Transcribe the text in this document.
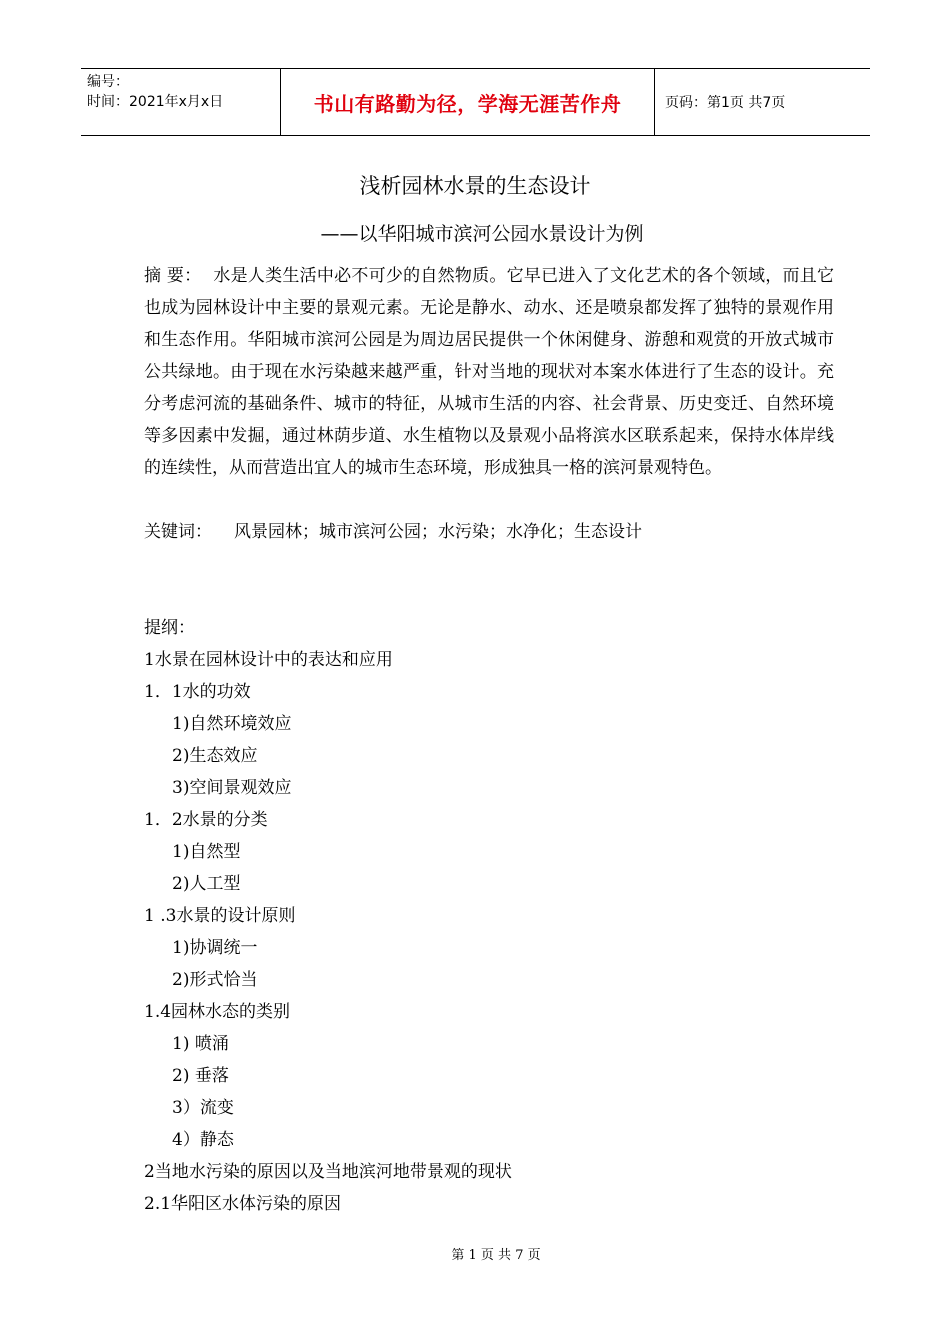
编号：
时间：2021年x月x日	书山有路勤为径，学海无涯苦作舟	页码：第1页 共7页
浅析园林水景的生态设计
——以华阳城市滨河公园水景设计为例
摘 要： 水是人类生活中必不可少的自然物质。它早已进入了文化艺术的各个领域，而且它也成为园林设计中主要的景观元素。无论是静水、动水、还是喷泉都发挥了独特的景观作用和生态作用。华阳城市滨河公园是为周边居民提供一个休闲健身、游憩和观赏的开放式城市公共绿地。由于现在水污染越来越严重，针对当地的现状对本案水体进行了生态的设计。充分考虑河流的基础条件、城市的特征，从城市生活的内容、社会背景、历史变迁、自然环境等多因素中发掘，通过林荫步道、水生植物以及景观小品将滨水区联系起来，保持水体岸线的连续性，从而营造出宜人的城市生态环境，形成独具一格的滨河景观特色。
关键词： 风景园林；城市滨河公园；水污染；水净化；生态设计
提纲：
1水景在园林设计中的表达和应用
1．1水的功效
1)自然环境效应
2)生态效应
3)空间景观效应
1．2水景的分类
1)自然型
2)人工型
1 .3水景的设计原则
1)协调统一
2)形式恰当
1.4园林水态的类别
1) 喷涌
2) 垂落
3）流变
4）静态
2当地水污染的原因以及当地滨河地带景观的现状
2.1华阳区水体污染的原因
第 1 页 共 7 页
